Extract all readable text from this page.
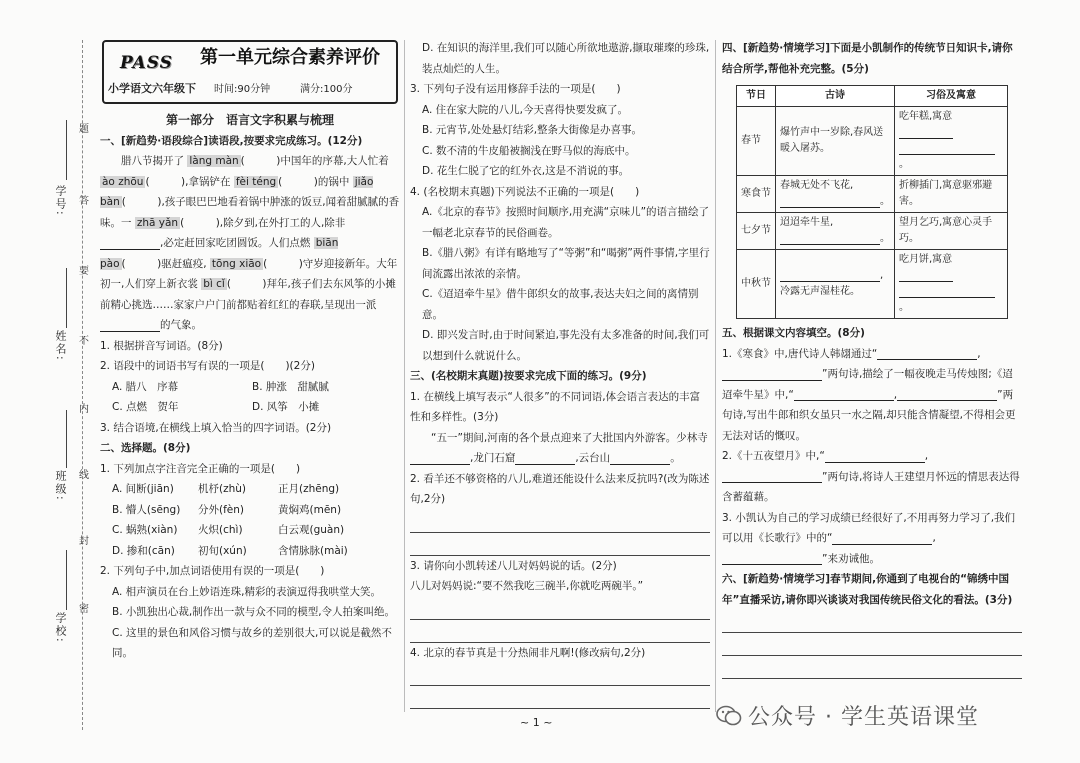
学号:
姓名:
班级:
学校:
题
答
要
不
内
线
封
密
PASS 第一单元综合素养评价
小学语文六年级下 时间:90分钟	满分:100分
第一部分　语言文字积累与梳理
一、[新趋势·语段综合]读语段,按要求完成练习。(12分)
腊八节揭开了 làng màn (　　　)中国年的序幕,大人忙着 ào zhōu (　　　),拿锅铲在 fèi téng (　　　)的锅中 jiǎo bàn (　　　),孩子眼巴巴地看着锅中肿涨的饭豆,闻着甜腻腻的香味。一 zhā yǎn (　　　),除夕到,在外打工的人,除非,必定赶回家吃团圆饭。人们点燃 biān pào (　　　)驱赶瘟疫, tōng xiāo (　　　)守岁迎接新年。大年初一,人们穿上新衣裳 bì cǐ (　　　)拜年,孩子们去东风筝的小摊前精心挑选……家家户户门前都贴着红红的春联,呈现出一派的气象。
1. 根据拼音写词语。(8分)
2. 语段中的词语书写有误的一项是(　　)(2分)
A. 腊八　序幕	B. 肿涨　甜腻腻
C. 点燃　贺年	D. 风筝　小摊
3. 结合语境,在横线上填入恰当的四字词语。(2分)
二、选择题。(8分)
1. 下列加点字注音完全正确的一项是(　　)
A. 间断(jiān) 机杼(zhù)	正月(zhēng)
B. 懵人(sēng) 分外(fèn)	黄焖鸡(mēn)
C. 蜗熟(xiàn) 火炽(chì)	白云观(guàn)
D. 掺和(cān) 初旬(xún)	含情脉脉(mài)
2. 下列句子中,加点词语使用有误的一项是(　　)
A. 相声演员在台上妙语连珠,精彩的表演逗得我哄堂大笑。
B. 小凯独出心裁,制作出一款与众不同的模型,令人拍案叫绝。
C. 这里的景色和风俗习惯与故乡的差别很大,可以说是截然不同。
D. 在知识的海洋里,我们可以随心所欲地遨游,撷取璀璨的珍珠,装点灿烂的人生。
3. 下列句子没有运用修辞手法的一项是(　　)
A. 住在家大院的八儿,今天喜得快要发疯了。
B. 元宵节,处处悬灯结彩,整条大街像是办喜事。
C. 数不清的牛皮船被搁浅在野马似的海底中。
D. 花生仁脱了它的红外衣,这是不消说的事。
4. (名校期末真题)下列说法不正确的一项是(　　)
A.《北京的春节》按照时间顺序,用充满“京味儿”的语言描绘了一幅老北京春节的民俗画卷。
B.《腊八粥》有详有略地写了“等粥”和“喝粥”两件事情,字里行间流露出浓浓的亲情。
C.《迢迢牵牛星》借牛郎织女的故事,表达夫妇之间的离情别意。
D. 即兴发言时,由于时间紧迫,事先没有太多准备的时间,我们可以想到什么就说什么。
三、(名校期末真题)按要求完成下面的练习。(9分)
1. 在横线上填写表示“人很多”的不同词语,体会语言表达的丰富性和多样性。(3分)
“五一”期间,河南的各个景点迎来了大批国内外游客。少林寺,龙门石窟	,云台山	。
2. 看羊还不够资格的八儿,难道还能设什么法来反抗吗?(改为陈述句,2分)
3. 请你向小凯转述八儿对妈妈说的话。(2分)
八儿对妈妈说:“要不然我吃三碗半,你就吃两碗半。”
4. 北京的春节真是十分热闹非凡啊!(修改病句,2分)
四、[新趋势·情境学习]下面是小凯制作的传统节日知识卡,请你结合所学,帮他补充完整。(5分)
节日	古诗	习俗及寓意
春节	爆竹声中一岁除,春风送暖入屠苏。	吃年糕,寓意
。
寒食节	春城无处不飞花,
。	折柳插门,寓意驱邪避害。
七夕节	迢迢牵牛星,
。	望月乞巧,寓意心灵手巧。
中秋节	,
冷露无声湿桂花。	吃月饼,寓意
。
五、根据课文内容填空。(8分)
1.《寒食》中,唐代诗人韩翃通过“	,”两句诗,描绘了一幅夜晚走马传烛图;《迢迢牵牛星》中,“	,	”两句诗,写出牛郎和织女虽只一水之隔,却只能含情凝望,不得相会更无法对话的慨叹。
2.《十五夜望月》中,“	,”两句诗,将诗人王建望月怀远的情思表达得含蓄蕴藉。
3. 小凯认为自己的学习成绩已经很好了,不用再努力学习了,我们可以用《长歌行》中的“	,”来劝诫他。
六、[新趋势·情境学习]春节期间,你通到了电视台的“锦绣中国年”直播采访,请你即兴谈谈对我国传统民俗文化的看法。(3分)
~ 1 ~	公众号 · 学生英语课堂
